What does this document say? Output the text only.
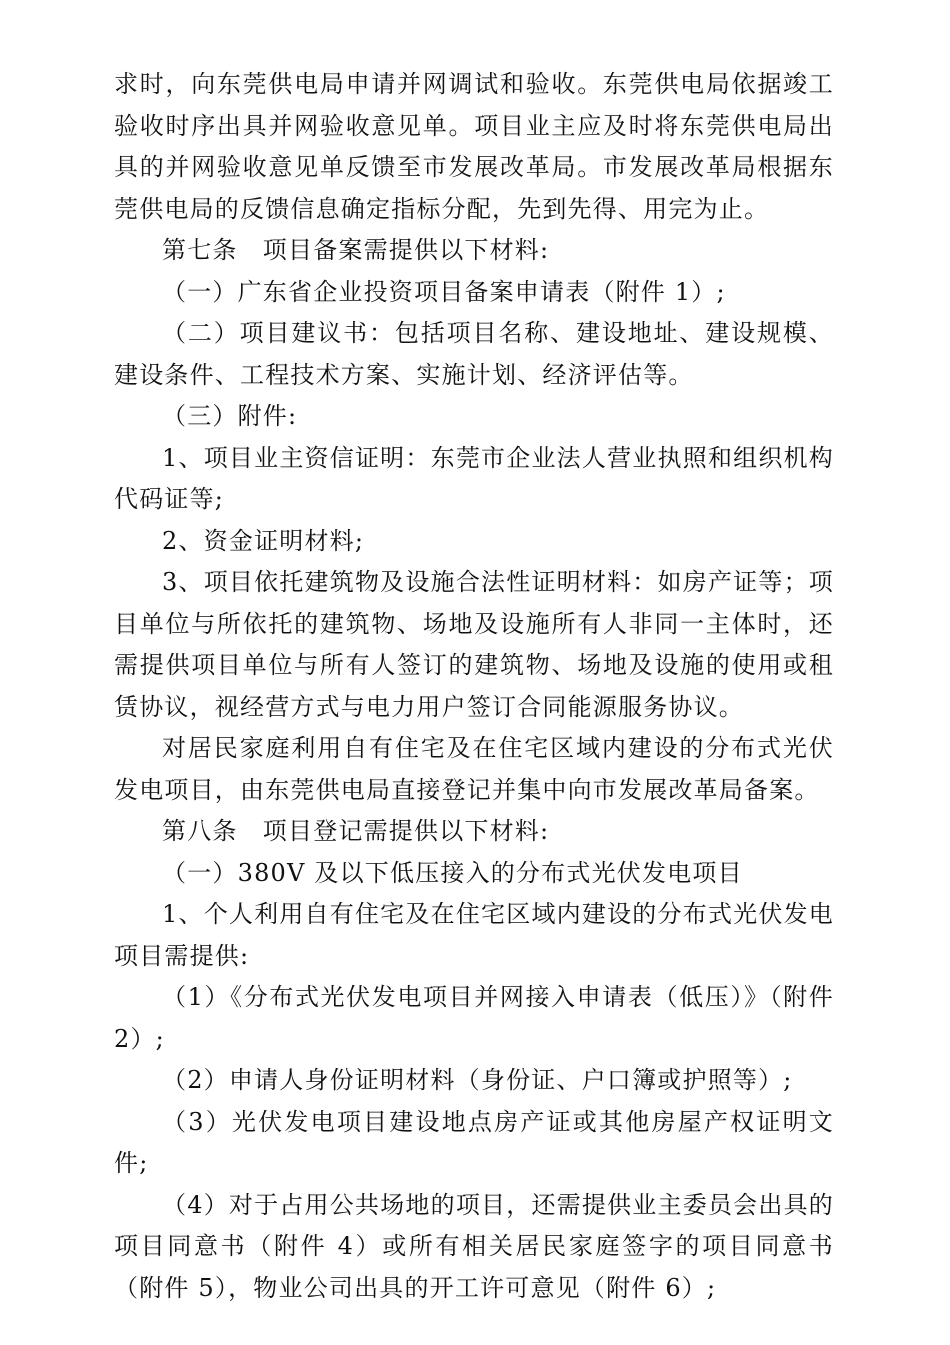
求时，向东莞供电局申请并网调试和验收。东莞供电局依据竣工验收时序出具并网验收意见单。项目业主应及时将东莞供电局出具的并网验收意见单反馈至市发展改革局。市发展改革局根据东莞供电局的反馈信息确定指标分配，先到先得、用完为止。

第七条　项目备案需提供以下材料:

（一）广东省企业投资项目备案申请表（附件 1）;

（二）项目建议书：包括项目名称、建设地址、建设规模、建设条件、工程技术方案、实施计划、经济评估等。

（三）附件:

1、项目业主资信证明：东莞市企业法人营业执照和组织机构代码证等;

2、资金证明材料;

3、项目依托建筑物及设施合法性证明材料：如房产证等；项目单位与所依托的建筑物、场地及设施所有人非同一主体时，还需提供项目单位与所有人签订的建筑物、场地及设施的使用或租赁协议，视经营方式与电力用户签订合同能源服务协议。

对居民家庭利用自有住宅及在住宅区域内建设的分布式光伏发电项目，由东莞供电局直接登记并集中向市发展改革局备案。

第八条　项目登记需提供以下材料:

（一）380V 及以下低压接入的分布式光伏发电项目

1、个人利用自有住宅及在住宅区域内建设的分布式光伏发电项目需提供:

（1）《分布式光伏发电项目并网接入申请表（低压）》（附件 2）;

（2）申请人身份证明材料（身份证、户口簿或护照等）;

（3）光伏发电项目建设地点房产证或其他房屋产权证明文件;

（4）对于占用公共场地的项目，还需提供业主委员会出具的项目同意书（附件 4）或所有相关居民家庭签字的项目同意书（附件 5），物业公司出具的开工许可意见（附件 6）;
